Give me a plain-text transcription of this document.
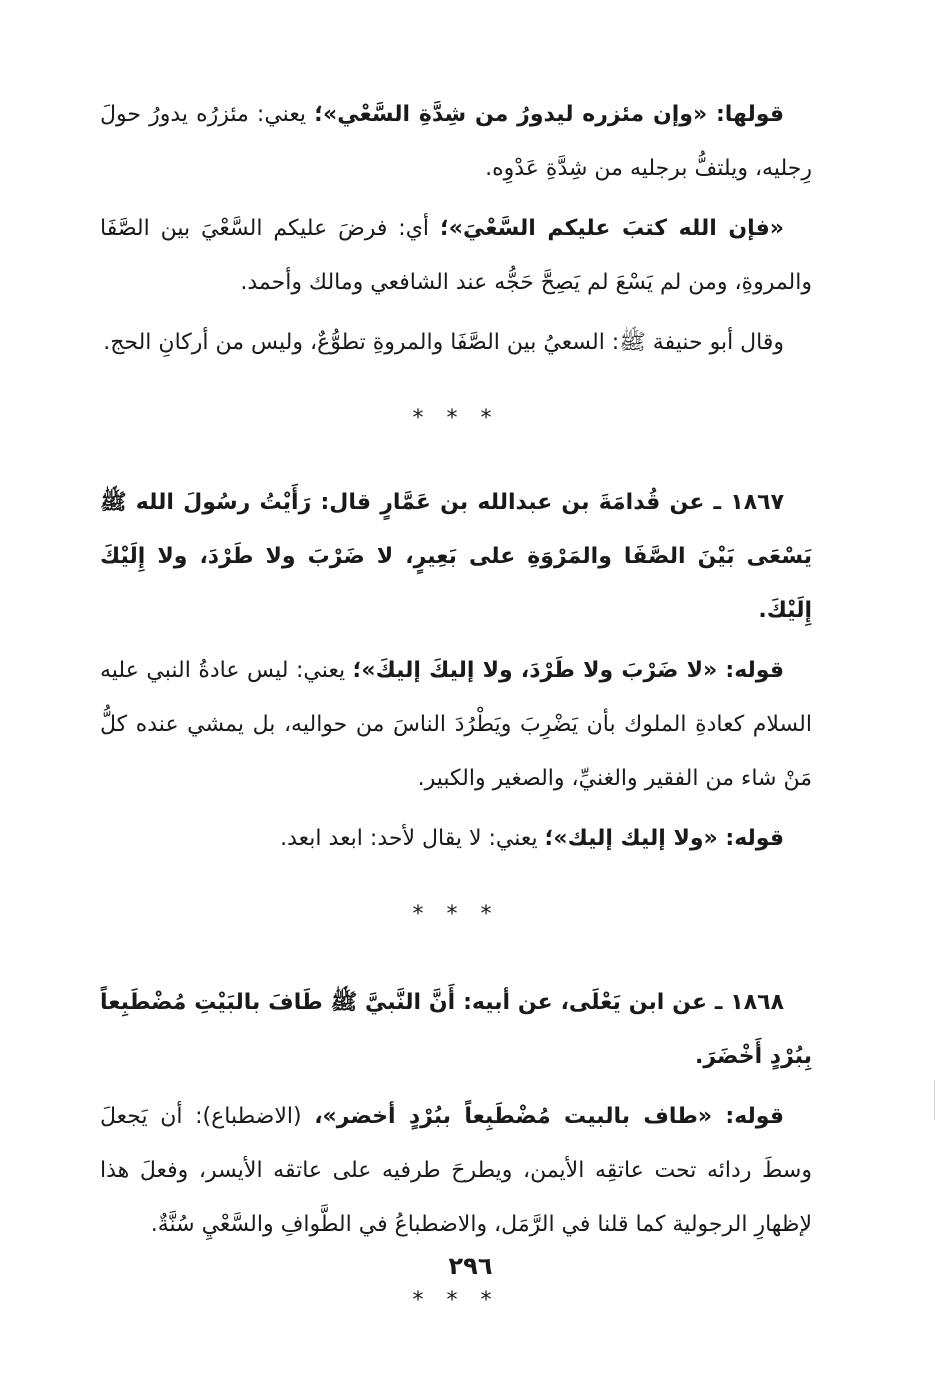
قولها: «وإن مئزره ليدورُ من شِدَّةِ السَّعْي»؛ يعني: مئزرُه يدورُ حولَ رِجليه، ويلتفُّ برجليه من شِدَّةِ عَدْوِه.

«فإن الله كتبَ عليكم السَّعْيَ»؛ أي: فرضَ عليكم السَّعْيَ بين الصَّفَا والمروةِ، ومن لم يَسْعَ لم يَصِحَّ حَجُّه عند الشافعي ومالك وأحمد.

وقال أبو حنيفة ﷺ: السعيُ بين الصَّفَا والمروةِ تطوُّعٌ، وليس من أركانِ الحج.

* * *

١٨٦٧ ـ عن قُدامَةَ بن عبدالله بن عَمَّارٍ قال: رَأَيْتُ رسُولَ الله ﷺ يَسْعَى بَيْنَ الصَّفَا والمَرْوَةِ على بَعِيرٍ، لا ضَرْبَ ولا طَرْدَ، ولا إِلَيْكَ إِلَيْكَ.

قوله: «لا ضَرْبَ ولا طَرْدَ، ولا إليكَ إليكَ»؛ يعني: ليس عادةُ النبي عليه السلام كعادةِ الملوك بأن يَضْرِبَ ويَطْرُدَ الناسَ من حواليه، بل يمشي عنده كلُّ مَنْ شاء من الفقير والغنيِّ، والصغير والكبير.

قوله: «ولا إليك إليك»؛ يعني: لا يقال لأحد: ابعد ابعد.

* * *

١٨٦٨ ـ عن ابن يَعْلَى، عن أبيه: أَنَّ النَّبيَّ ﷺ طَافَ بالبَيْتِ مُضْطَبِعاً بِبُرْدٍ أَخْضَرَ.

قوله: «طاف بالبيت مُضْطَبِعاً ببُرْدٍ أخضر»، (الاضطباع): أن يَجعلَ وسطَ ردائه تحت عاتقِه الأيمن، ويطرحَ طرفيه على عاتقه الأيسر، وفعلَ هذا لإظهارِ الرجولية كما قلنا في الرَّمَل، والاضطباعُ في الطَّوافِ والسَّعْيِ سُنَّةٌ.

* * *
٢٩٦
